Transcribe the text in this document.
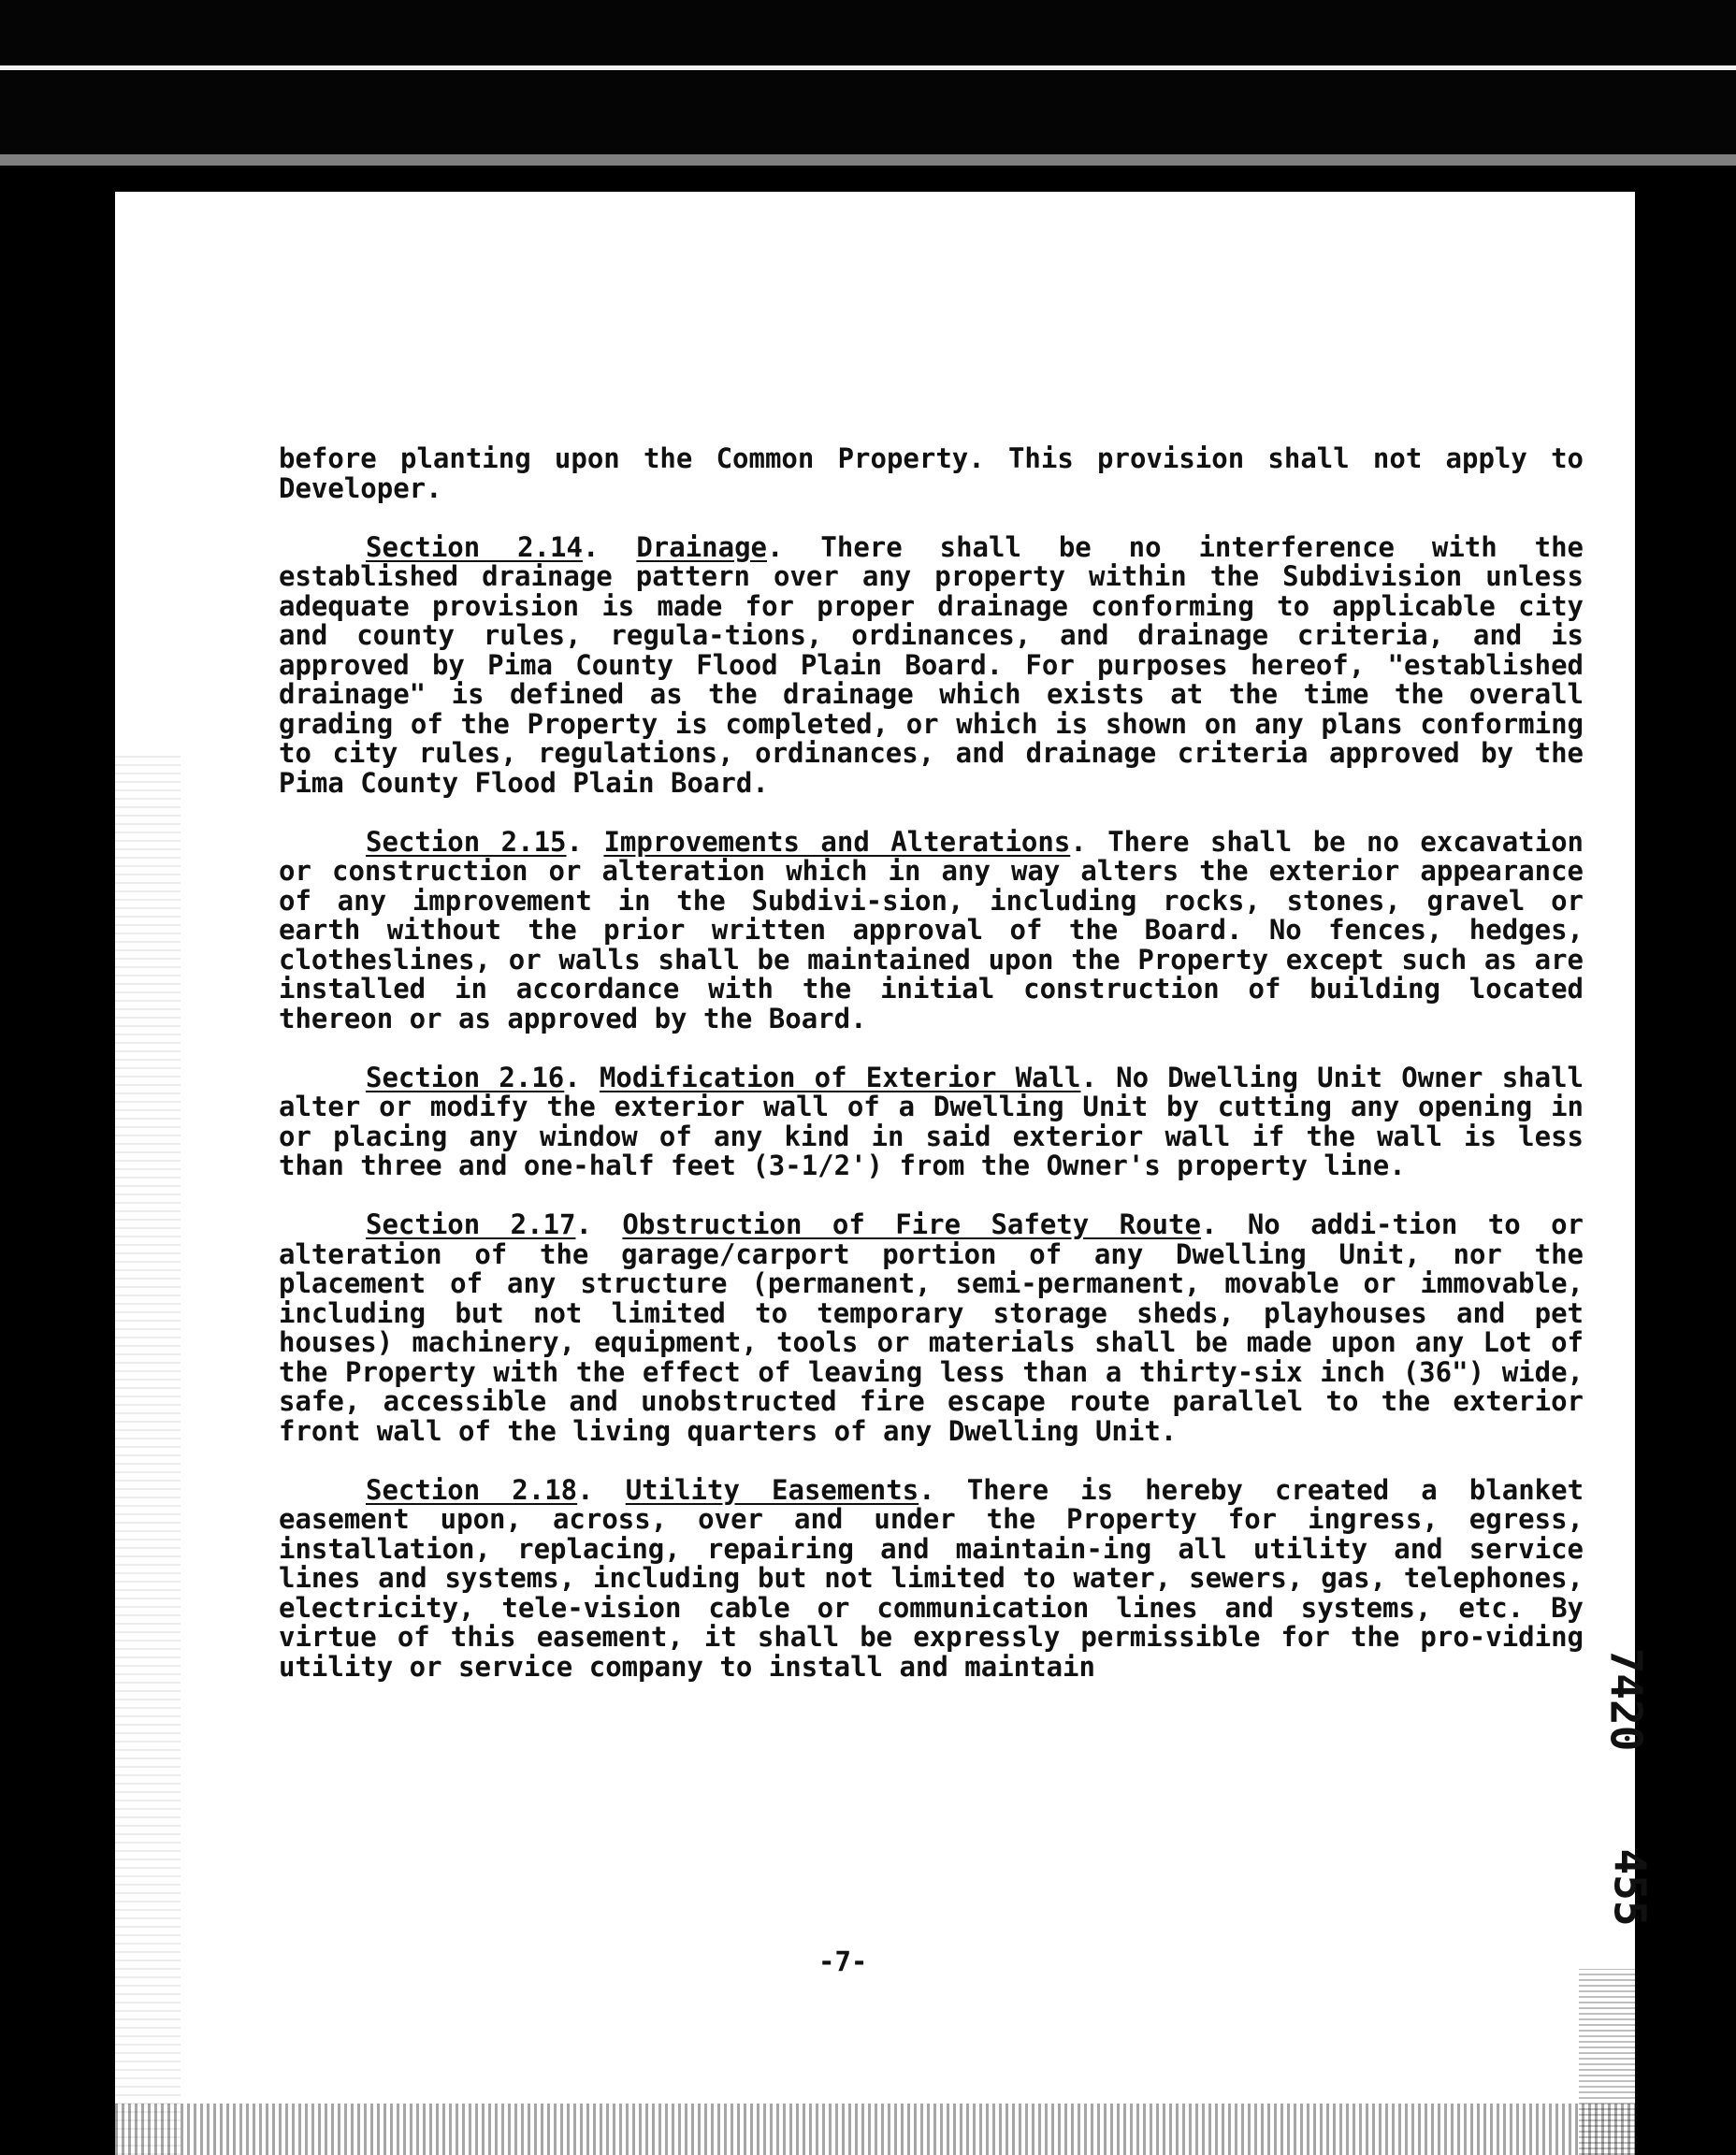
before planting upon the Common Property. This provision shall not apply to Developer.

Section 2.14. Drainage. There shall be no interference with the established drainage pattern over any property within the Subdivision unless adequate provision is made for proper drainage conforming to applicable city and county rules, regula-tions, ordinances, and drainage criteria, and is approved by Pima County Flood Plain Board. For purposes hereof, "established drainage" is defined as the drainage which exists at the time the overall grading of the Property is completed, or which is shown on any plans conforming to city rules, regulations, ordinances, and drainage criteria approved by the Pima County Flood Plain Board.

Section 2.15. Improvements and Alterations. There shall be no excavation or construction or alteration which in any way alters the exterior appearance of any improvement in the Subdivi-sion, including rocks, stones, gravel or earth without the prior written approval of the Board. No fences, hedges, clotheslines, or walls shall be maintained upon the Property except such as are installed in accordance with the initial construction of building located thereon or as approved by the Board.

Section 2.16. Modification of Exterior Wall. No Dwelling Unit Owner shall alter or modify the exterior wall of a Dwelling Unit by cutting any opening in or placing any window of any kind in said exterior wall if the wall is less than three and one-half feet (3-1/2') from the Owner's property line.

Section 2.17. Obstruction of Fire Safety Route. No addi-tion to or alteration of the garage/carport portion of any Dwelling Unit, nor the placement of any structure (permanent, semi-permanent, movable or immovable, including but not limited to temporary storage sheds, playhouses and pet houses) machinery, equipment, tools or materials shall be made upon any Lot of the Property with the effect of leaving less than a thirty-six inch (36") wide, safe, accessible and unobstructed fire escape route parallel to the exterior front wall of the living quarters of any Dwelling Unit.

Section 2.18. Utility Easements. There is hereby created a blanket easement upon, across, over and under the Property for ingress, egress, installation, replacing, repairing and maintain-ing all utility and service lines and systems, including but not limited to water, sewers, gas, telephones, electricity, tele-vision cable or communication lines and systems, etc. By virtue of this easement, it shall be expressly permissible for the pro-viding utility or service company to install and maintain	7420
455
-7-
